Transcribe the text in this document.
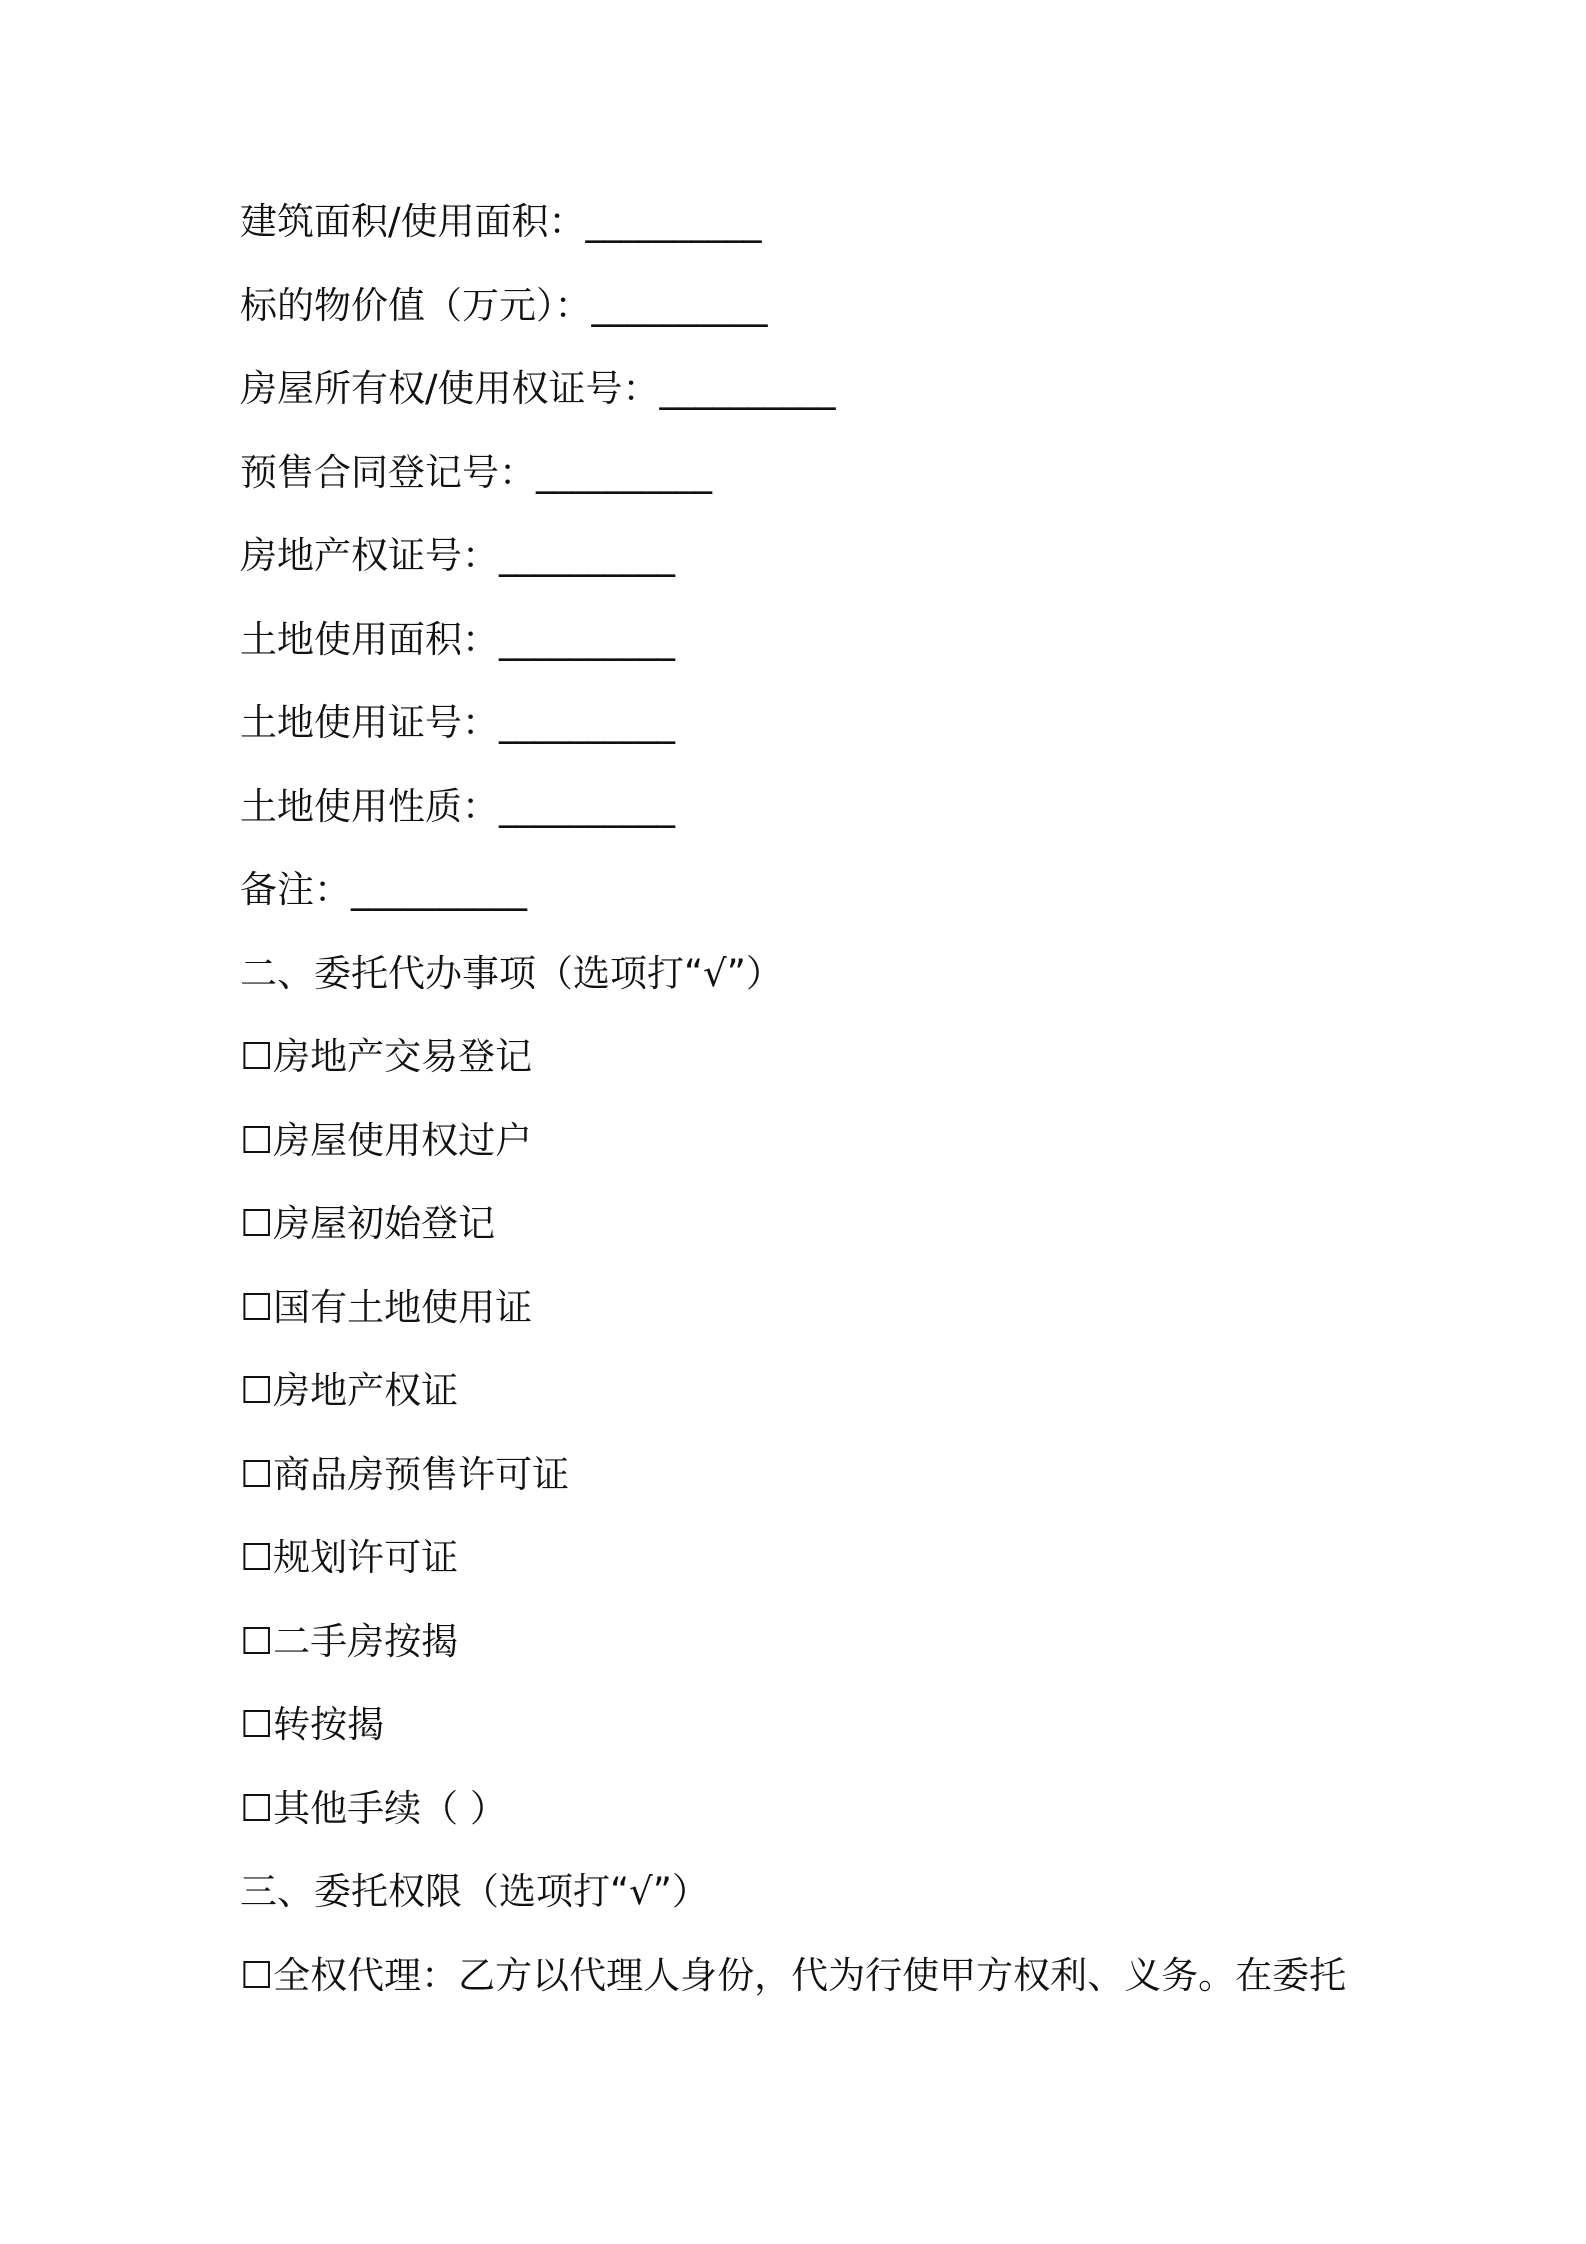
建筑面积/使用面积：__________
标的物价值（万元）：__________
房屋所有权/使用权证号：__________
预售合同登记号：__________
房地产权证号：__________
土地使用面积：__________
土地使用证号：__________
土地使用性质：__________
备注：__________
二、委托代办事项（选项打“√”）
☐房地产交易登记
☐房屋使用权过户
☐房屋初始登记
☐国有土地使用证
☐房地产权证
☐商品房预售许可证
☐规划许可证
☐二手房按揭
☐转按揭
☐其他手续（ ）
三、委托权限（选项打“√”）
☐全权代理：乙方以代理人身份，代为行使甲方权利、义务。在委托
